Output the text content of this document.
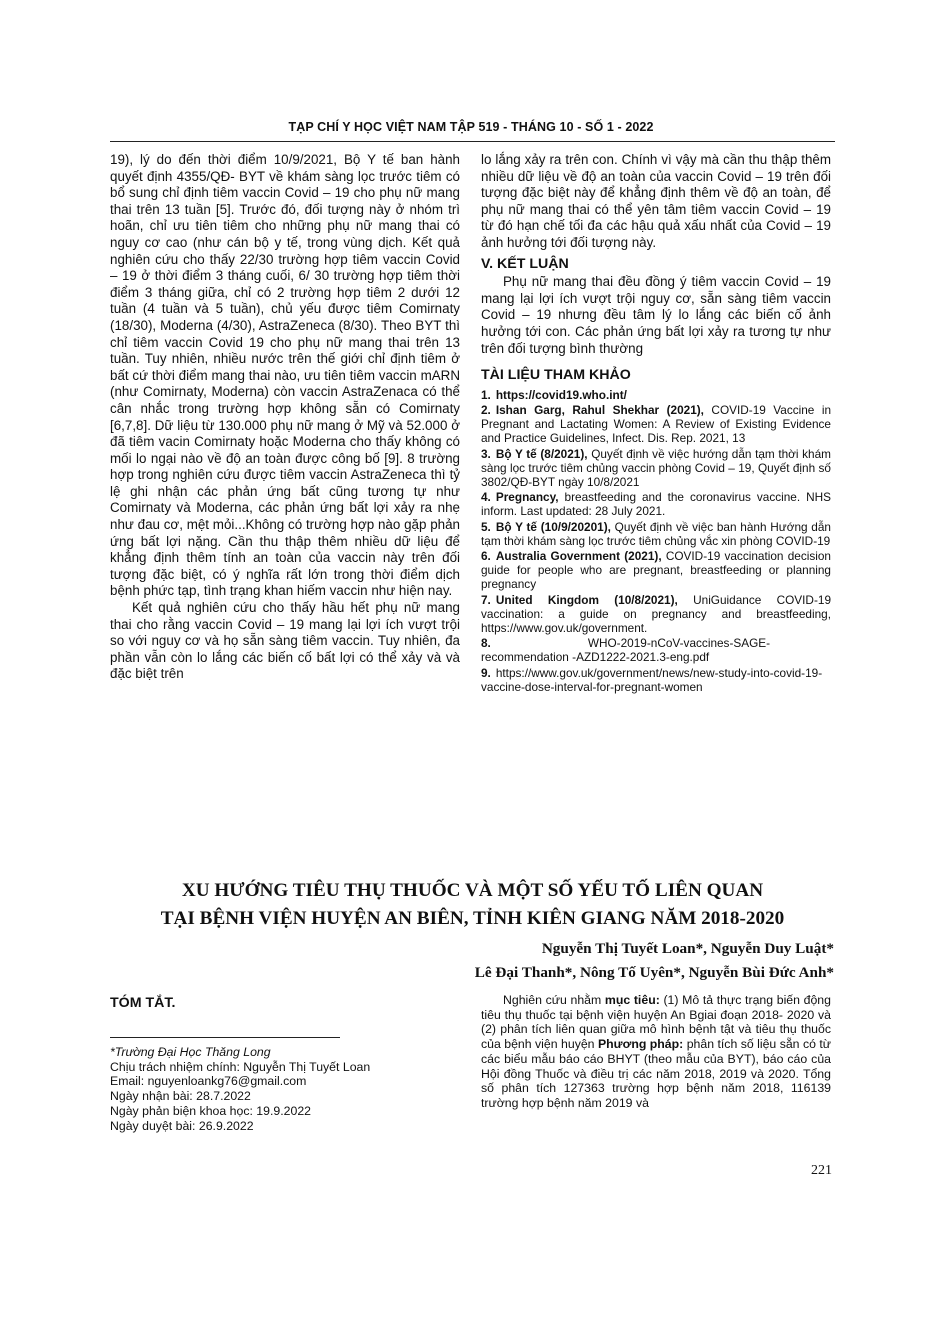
TẠP CHÍ Y HỌC VIỆT NAM TẬP 519 - THÁNG 10 - SỐ 1 - 2022

19), lý do đến thời điểm 10/9/2021, Bộ Y tế ban hành quyết định 4355/QĐ- BYT về khám sàng lọc trước tiêm có bổ sung chỉ định tiêm vaccin Covid – 19 cho phụ nữ mang thai trên 13 tuần [5]. Trước đó, đối tượng này ở nhóm trì hoãn, chỉ ưu tiên tiêm cho những phụ nữ mang thai có nguy cơ cao (như cán bộ y tế, trong vùng dịch. Kết quả nghiên cứu cho thấy 22/30 trường hợp tiêm vaccin Covid – 19 ở thời điểm 3 tháng cuối, 6/ 30 trường hợp tiêm thời điểm 3 tháng giữa, chỉ có 2 trường hợp tiêm 2 dưới 12 tuần (4 tuần và 5 tuần), chủ yếu được tiêm Comirnaty (18/30), Moderna (4/30), AstraZeneca (8/30). Theo BYT thì chỉ tiêm vaccin Covid 19 cho phụ nữ mang thai trên 13 tuần. Tuy nhiên, nhiều nước trên thế giới chỉ định tiêm ở bất cứ thời điểm mang thai nào, ưu tiên tiêm vaccin mARN (như Comirnaty, Moderna) còn vaccin AstraZenaca có thể cân nhắc trong trường hợp không sẵn có Comirnaty [6,7,8]. Dữ liệu từ 130.000 phụ nữ mang ở Mỹ và 52.000 ở đã tiêm vacin Comirnaty hoặc Moderna cho thấy không có mối lo ngại nào về độ an toàn được công bố [9]. 8 trường hợp trong nghiên cứu được tiêm vaccin AstraZeneca thì tỷ lệ ghi nhận các phản ứng bất cũng tương tự như Comirnaty và Moderna, các phản ứng bất lợi xảy ra nhẹ như đau cơ, mệt mỏi...Không có trường hợp nào gặp phản ứng bất lợi nặng. Cần thu thập thêm nhiều dữ liệu để khẳng định thêm tính an toàn của vaccin này trên đối tượng đặc biệt, có ý nghĩa rất lớn trong thời điểm dịch bệnh phức tạp, tình trạng khan hiếm vaccin như hiện nay.

Kết quả nghiên cứu cho thấy hầu hết phụ nữ mang thai cho rằng vaccin Covid – 19 mang lại lợi ích vượt trội so với nguy cơ và họ sẵn sàng tiêm vaccin. Tuy nhiên, đa phần vẫn còn lo lắng các biến cố bất lợi có thể xảy và và đặc biệt trên

lo lắng xảy ra trên con. Chính vì vậy mà cần thu thập thêm nhiều dữ liệu về độ an toàn của vaccin Covid – 19 trên đối tượng đặc biệt này để khẳng định thêm về độ an toàn, để phụ nữ mang thai có thể yên tâm tiêm vaccin Covid – 19 từ đó hạn chế tối đa các hậu quả xấu nhất của Covid – 19 ảnh hưởng tới đối tượng này.

V. KẾT LUẬN

Phụ nữ mang thai đều đồng ý tiêm vaccin Covid – 19 mang lại lợi ích vượt trội nguy cơ, sẵn sàng tiêm vaccin Covid – 19 nhưng đều tâm lý lo lắng các biến cố ảnh hưởng tới con. Các phản ứng bất lợi xảy ra tương tự như trên đối tượng bình thường

TÀI LIỆU THAM KHẢO

1. https://covid19.who.int/
2. Ishan Garg, Rahul Shekhar (2021), COVID-19 Vaccine in Pregnant and Lactating Women: A Review of Existing Evidence and Practice Guidelines, Infect. Dis. Rep. 2021, 13
3. Bộ Y tế (8/2021), Quyết định về việc hướng dẫn tạm thời khám sàng lọc trước tiêm chủng vaccin phòng Covid – 19, Quyết định số 3802/QĐ-BYT ngày 10/8/2021
4. Pregnancy, breastfeeding and the coronavirus vaccine. NHS inform. Last updated: 28 July 2021.
5. Bộ Y tế (10/9/20201), Quyết định về việc ban hành Hướng dẫn tạm thời khám sàng lọc trước tiêm chủng vắc xin phòng COVID-19
6. Australia Government (2021), COVID-19 vaccination decision guide for people who are pregnant, breastfeeding or planning pregnancy
7. United Kingdom (10/8/2021), UniGuidance COVID-19 vaccination: a guide on pregnancy and breastfeeding, https://www.gov.uk/government.
8.	WHO-2019-nCoV-vaccines-SAGE-recommendation -AZD1222-2021.3-eng.pdf
9. https://www.gov.uk/government/news/new-study-into-covid-19-vaccine-dose-interval-for-pregnant-women
XU HƯỚNG TIÊU THỤ THUỐC VÀ MỘT SỐ YẾU TỐ LIÊN QUAN
TẠI BỆNH VIỆN HUYỆN AN BIÊN, TỈNH KIÊN GIANG NĂM 2018-2020
Nguyễn Thị Tuyết Loan*, Nguyễn Duy Luật*
Lê Đại Thanh*, Nông Tố Uyên*, Nguyễn Bùi Đức Anh*
TÓM TẮT.
*Trường Đại Học Thăng Long
Chịu trách nhiệm chính: Nguyễn Thị Tuyết Loan
Email: nguyenloankg76@gmail.com
Ngày nhận bài: 28.7.2022
Ngày phản biện khoa học: 19.9.2022
Ngày duyệt bài: 26.9.2022

Nghiên cứu nhằm mục tiêu: (1) Mô tả thực trạng biến động tiêu thụ thuốc tại bệnh viện huyện An Bgiai đoạn 2018- 2020 và (2) phân tích liên quan giữa mô hình bệnh tật và tiêu thụ thuốc của bệnh viện huyện Phương pháp: phân tích số liệu sẵn có từ các biểu mẫu báo cáo BHYT (theo mẫu của BYT), báo cáo của Hội đồng Thuốc và điều trị các năm 2018, 2019 và 2020. Tổng số phân tích 127363 trường hợp bệnh năm 2018, 116139 trường hợp bệnh năm 2019 và

221
